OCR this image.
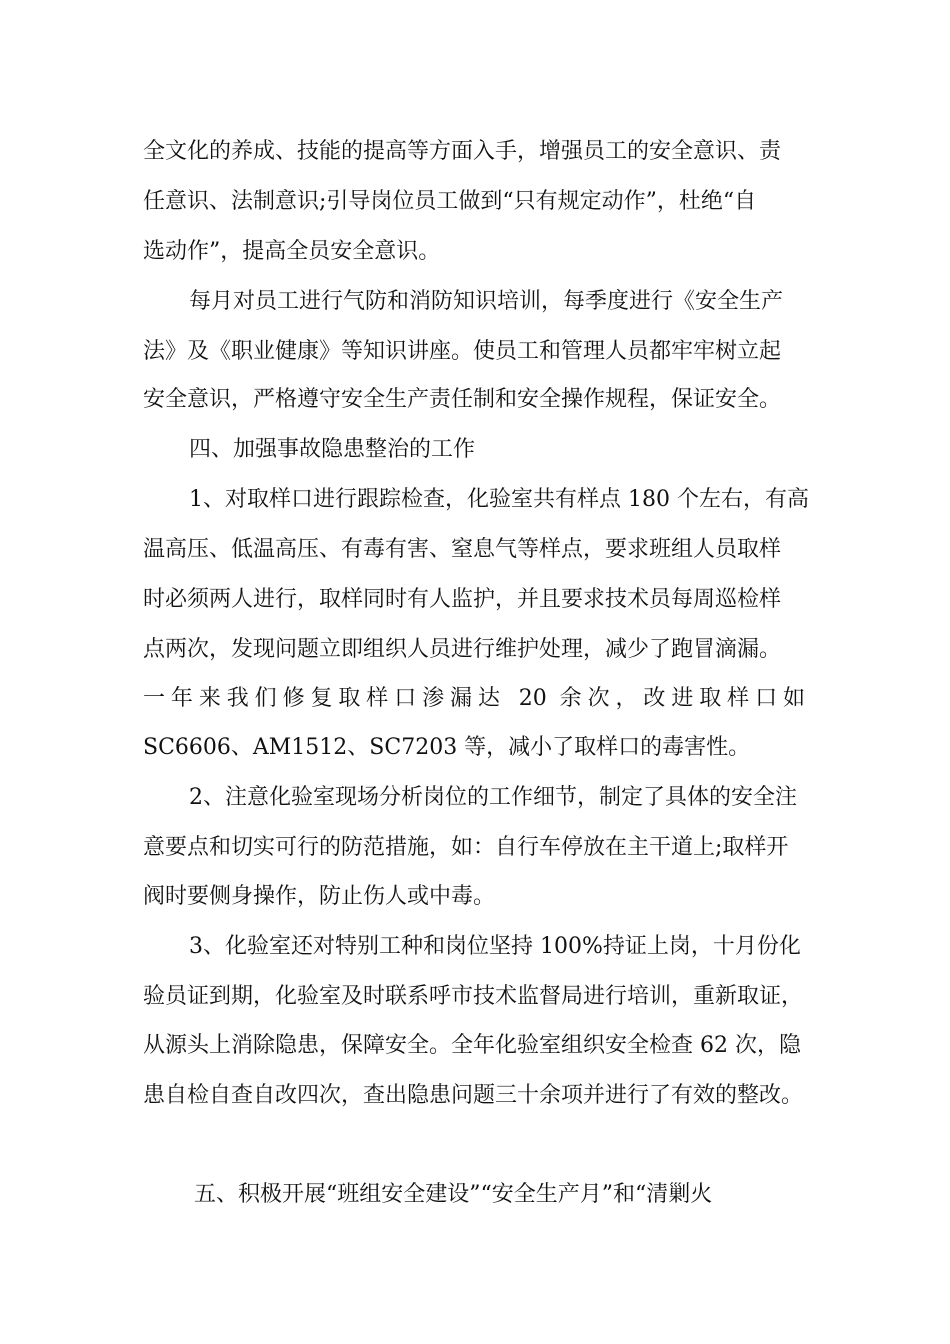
全文化的养成、技能的提高等方面入手，增强员工的安全意识、责
任意识、法制意识;引导岗位员工做到“只有规定动作”，杜绝“自
选动作”，提高全员安全意识。
每月对员工进行气防和消防知识培训，每季度进行《安全生产
法》及《职业健康》等知识讲座。使员工和管理人员都牢牢树立起
安全意识，严格遵守安全生产责任制和安全操作规程，保证安全。
四、加强事故隐患整治的工作
1、对取样口进行跟踪检查，化验室共有样点 180 个左右，有高
温高压、低温高压、有毒有害、窒息气等样点，要求班组人员取样
时必须两人进行，取样同时有人监护，并且要求技术员每周巡检样
点两次，发现问题立即组织人员进行维护处理，减少了跑冒滴漏。
一年来我们修复取样口渗漏达 20 余次，改进取样口如
SC6606、AM1512、SC7203 等，减小了取样口的毒害性。
2、注意化验室现场分析岗位的工作细节，制定了具体的安全注
意要点和切实可行的防范措施，如：自行车停放在主干道上;取样开
阀时要侧身操作，防止伤人或中毒。
3、化验室还对特别工种和岗位坚持 100%持证上岗，十月份化
验员证到期，化验室及时联系呼市技术监督局进行培训，重新取证，
从源头上消除隐患，保障安全。全年化验室组织安全检查 62 次，隐
患自检自查自改四次，查出隐患问题三十余项并进行了有效的整改。
五、积极开展“班组安全建设”“安全生产月”和“清剿火
